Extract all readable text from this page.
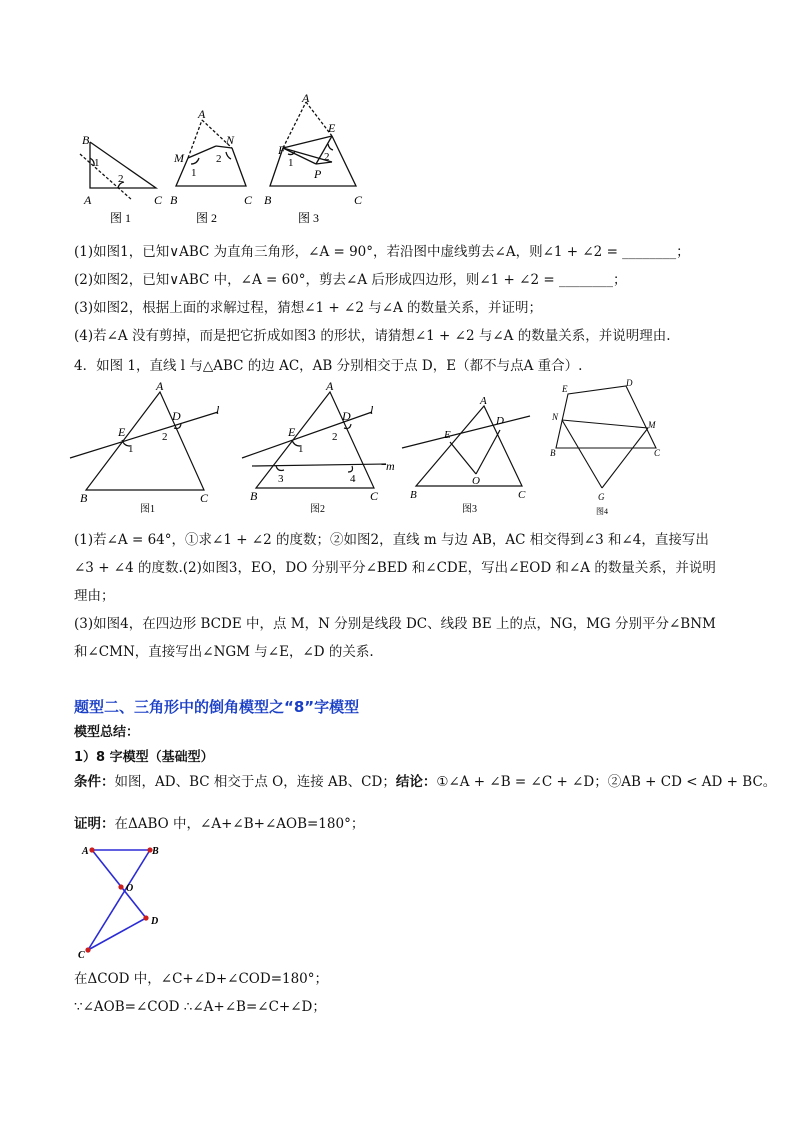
B
A	C
1
2
图 1
A
N
M
1
2
B	C
图 2
A
E
F
1	2
P
B	C
图 3
(1)如图1，已知∨ABC 为直角三角形，∠A = 90°，若沿图中虚线剪去∠A，则∠1 + ∠2 = ________；
(2)如图2，已知∨ABC 中，∠A = 60°，剪去∠A 后形成四边形，则∠1 + ∠2 = ________；
(3)如图2，根据上面的求解过程，猜想∠1 + ∠2 与∠A 的数量关系，并证明；
(4)若∠A 没有剪掉，而是把它折成如图3 的形状，请猜想∠1 + ∠2 与∠A 的数量关系，并说明理由.
4．如图 1，直线 l 与△ABC 的边 AC，AB 分别相交于点 D，E（都不与点A 重合）.
A
D	l
E
1
2
B	C
图1
A
D l
E
1
2
m
3	4
B	C
图2
A
E
D
O
B	C
图3
E
D
N
M
B	C
G
图4
(1)若∠A = 64°，①求∠1 + ∠2 的度数；②如图2，直线 m 与边 AB，AC 相交得到∠3 和∠4，直接写出
∠3 + ∠4 的度数.(2)如图3，EO，DO 分别平分∠BED 和∠CDE，写出∠EOD 和∠A 的数量关系，并说明
理由；
(3)如图4，在四边形 BCDE 中，点 M，N 分别是线段 DC、线段 BE 上的点，NG，MG 分别平分∠BNM
和∠CMN，直接写出∠NGM 与∠E，∠D 的关系.
题型二、三角形中的倒角模型之“8”字模型
模型总结：
1）8 字模型（基础型）
条件：如图，AD、BC 相交于点 O，连接 AB、CD；结论：①∠A + ∠B = ∠C + ∠D；②AB + CD < AD + BC。
证明：在ΔABO 中，∠A+∠B+∠AOB=180°；
A	B
O
D
C
在ΔCOD 中，∠C+∠D+∠COD=180°；
∵∠AOB=∠COD ∴∠A+∠B=∠C+∠D；
